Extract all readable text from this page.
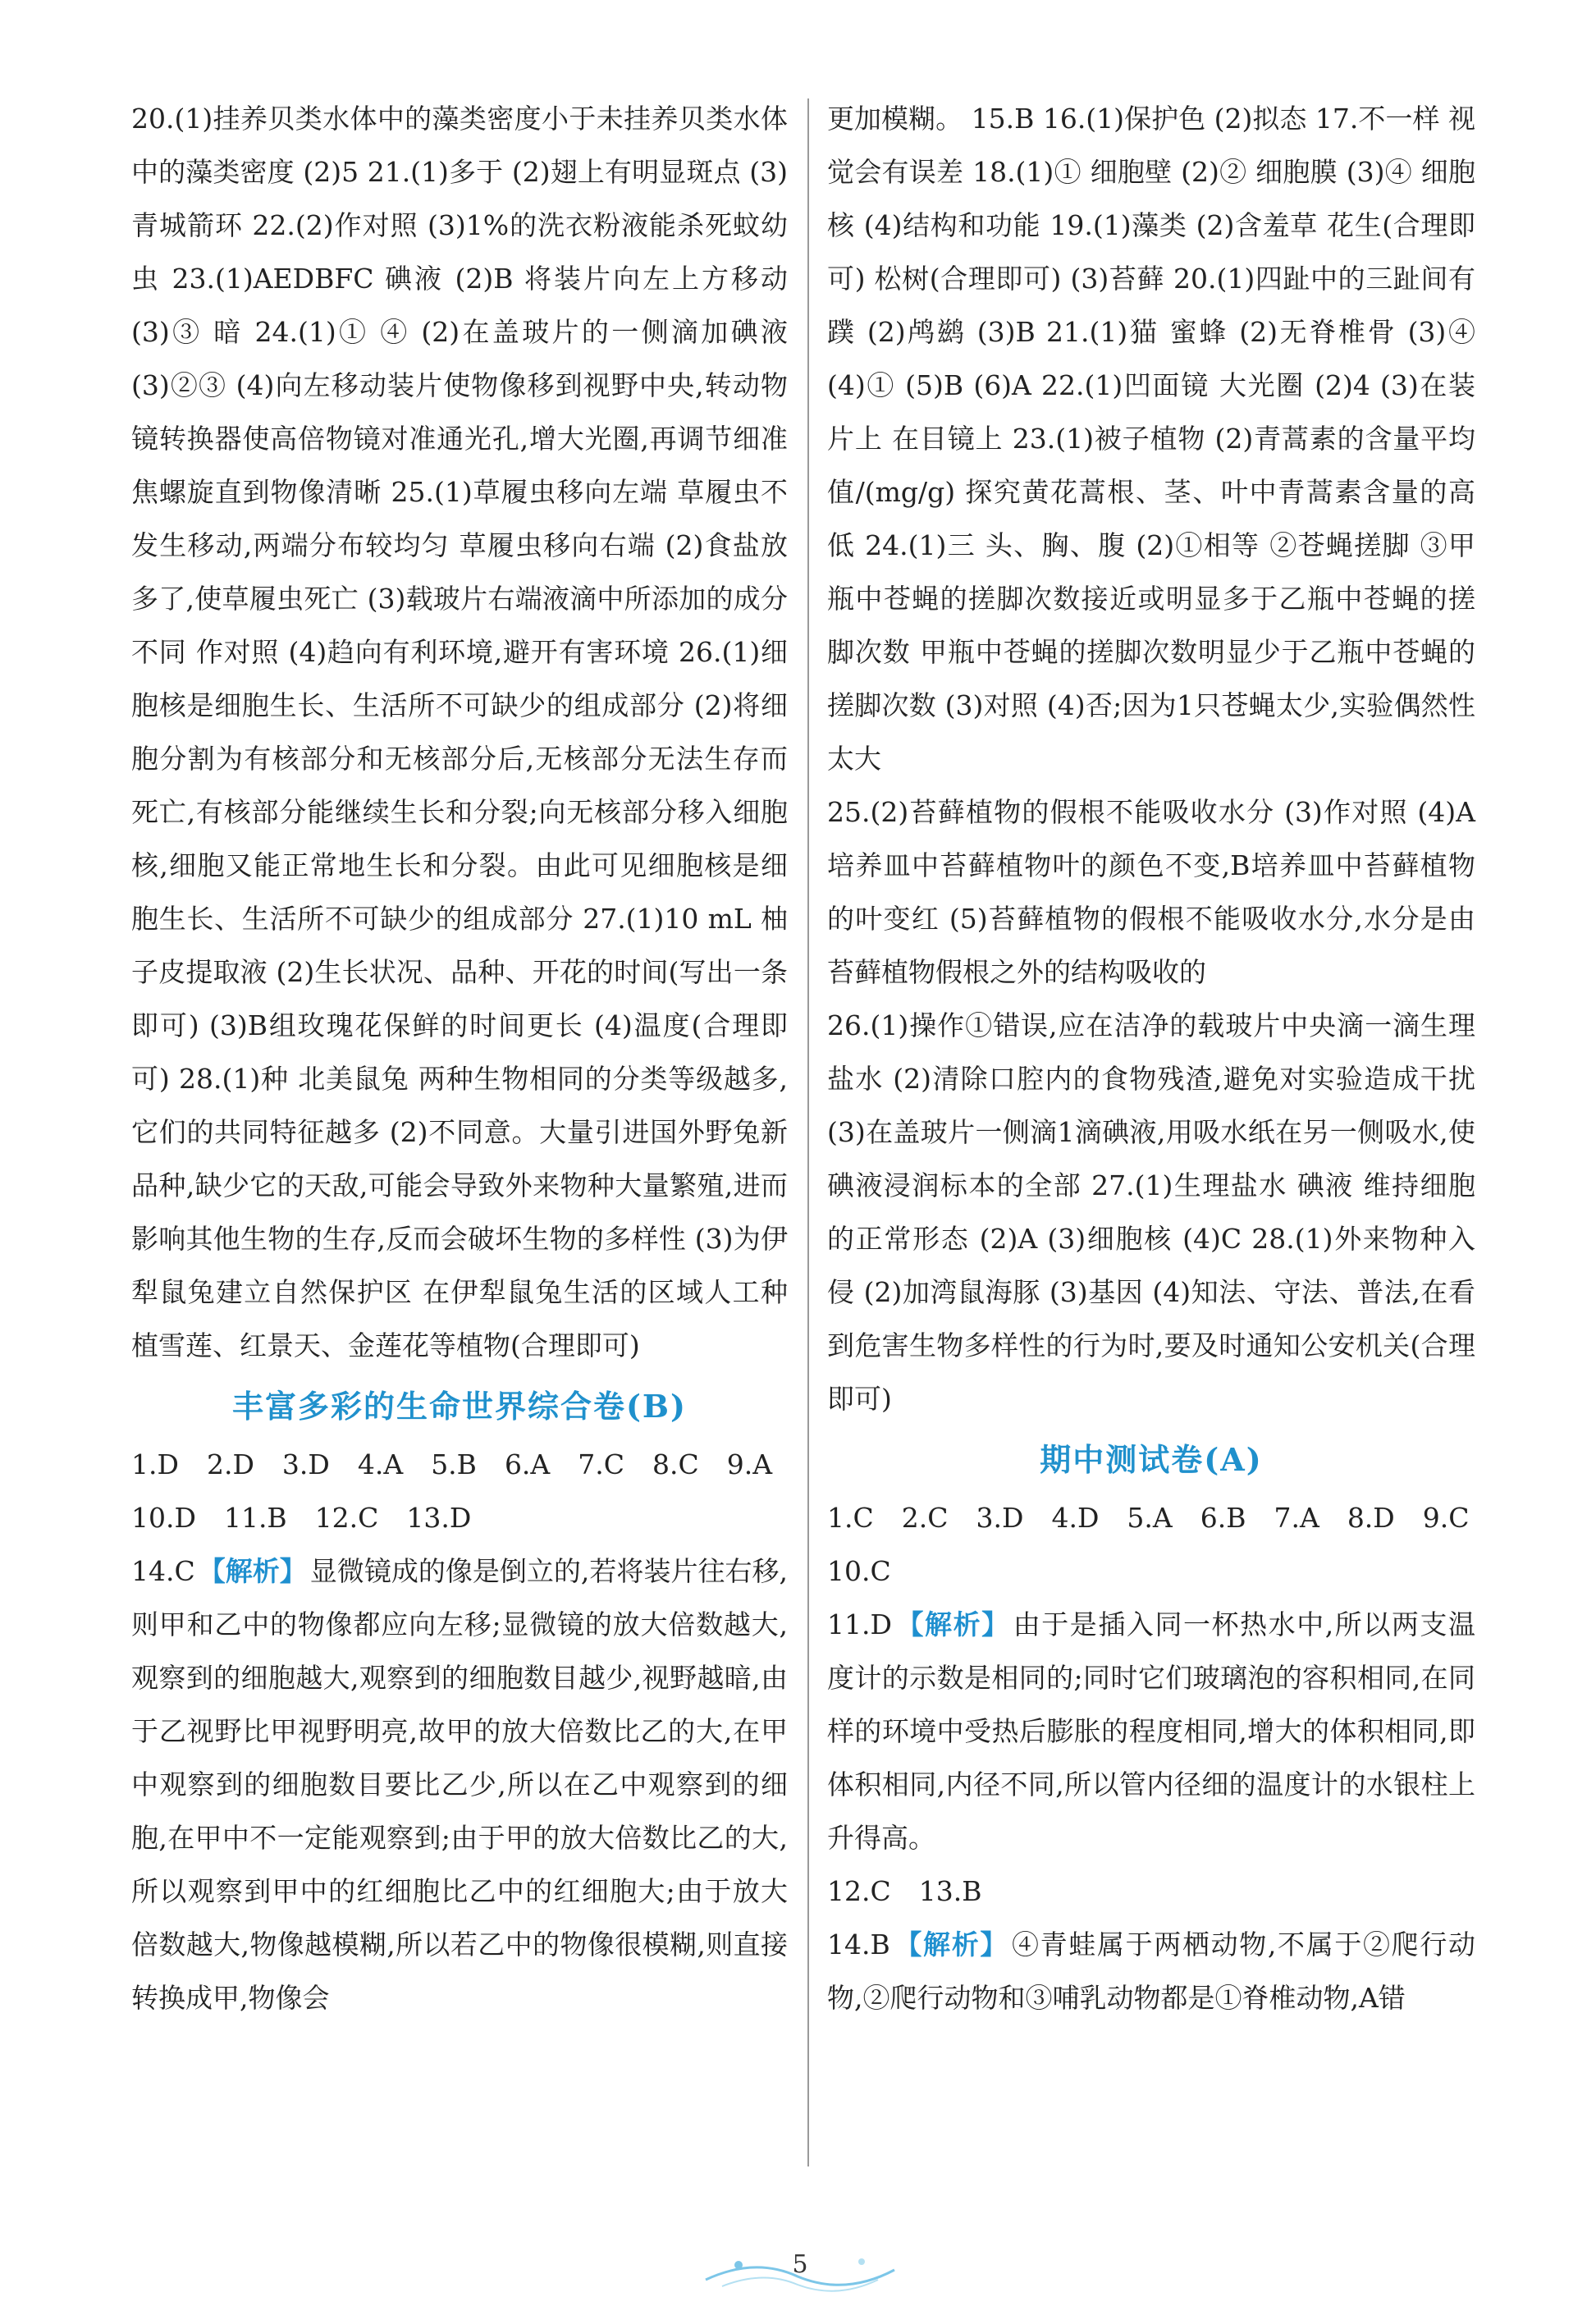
20.(1)挂养贝类水体中的藻类密度小于未挂养贝类水体中的藻类密度 (2)5 21.(1)多于 (2)翅上有明显斑点 (3)青城箭环 22.(2)作对照 (3)1%的洗衣粉液能杀死蚊幼虫 23.(1)AEDBFC 碘液 (2)B 将装片向左上方移动 (3)③ 暗 24.(1)① ④ (2)在盖玻片的一侧滴加碘液 (3)②③ (4)向左移动装片使物像移到视野中央,转动物镜转换器使高倍物镜对准通光孔,增大光圈,再调节细准焦螺旋直到物像清晰 25.(1)草履虫移向左端 草履虫不发生移动,两端分布较均匀 草履虫移向右端 (2)食盐放多了,使草履虫死亡 (3)载玻片右端液滴中所添加的成分不同 作对照 (4)趋向有利环境,避开有害环境 26.(1)细胞核是细胞生长、生活所不可缺少的组成部分 (2)将细胞分割为有核部分和无核部分后,无核部分无法生存而死亡,有核部分能继续生长和分裂;向无核部分移入细胞核,细胞又能正常地生长和分裂。由此可见细胞核是细胞生长、生活所不可缺少的组成部分 27.(1)10 mL 柚子皮提取液 (2)生长状况、品种、开花的时间(写出一条即可) (3)B组玫瑰花保鲜的时间更长 (4)温度(合理即可) 28.(1)种 北美鼠兔 两种生物相同的分类等级越多,它们的共同特征越多 (2)不同意。大量引进国外野兔新品种,缺少它的天敌,可能会导致外来物种大量繁殖,进而影响其他生物的生存,反而会破坏生物的多样性 (3)为伊犁鼠兔建立自然保护区 在伊犁鼠兔生活的区域人工种植雪莲、红景天、金莲花等植物(合理即可)

丰富多彩的生命世界综合卷(B)
1.D 2.D 3.D 4.A 5.B 6.A 7.C 8.C 9.A
10.D 11.B 12.C 13.D

14.C 【解析】 显微镜成的像是倒立的,若将装片往右移,则甲和乙中的物像都应向左移;显微镜的放大倍数越大,观察到的细胞越大,观察到的细胞数目越少,视野越暗,由于乙视野比甲视野明亮,故甲的放大倍数比乙的大,在甲中观察到的细胞数目要比乙少,所以在乙中观察到的细胞,在甲中不一定能观察到;由于甲的放大倍数比乙的大,所以观察到甲中的红细胞比乙中的红细胞大;由于放大倍数越大,物像越模糊,所以若乙中的物像很模糊,则直接转换成甲,物像会

更加模糊。 15.B 16.(1)保护色 (2)拟态 17.不一样 视觉会有误差 18.(1)① 细胞壁 (2)② 细胞膜 (3)④ 细胞核 (4)结构和功能 19.(1)藻类 (2)含羞草 花生(合理即可) 松树(合理即可) (3)苔藓 20.(1)四趾中的三趾间有蹼 (2)鸬鹚 (3)B 21.(1)猫 蜜蜂 (2)无脊椎骨 (3)④ (4)① (5)B (6)A 22.(1)凹面镜 大光圈 (2)4 (3)在装片上 在目镜上 23.(1)被子植物 (2)青蒿素的含量平均值/(mg/g) 探究黄花蒿根、茎、叶中青蒿素含量的高低 24.(1)三 头、胸、腹 (2)①相等 ②苍蝇搓脚 ③甲瓶中苍蝇的搓脚次数接近或明显多于乙瓶中苍蝇的搓脚次数 甲瓶中苍蝇的搓脚次数明显少于乙瓶中苍蝇的搓脚次数 (3)对照 (4)否;因为1只苍蝇太少,实验偶然性太大

25.(2)苔藓植物的假根不能吸收水分 (3)作对照 (4)A培养皿中苔藓植物叶的颜色不变,B培养皿中苔藓植物的叶变红 (5)苔藓植物的假根不能吸收水分,水分是由苔藓植物假根之外的结构吸收的

26.(1)操作①错误,应在洁净的载玻片中央滴一滴生理盐水 (2)清除口腔内的食物残渣,避免对实验造成干扰 (3)在盖玻片一侧滴1滴碘液,用吸水纸在另一侧吸水,使碘液浸润标本的全部 27.(1)生理盐水 碘液 维持细胞的正常形态 (2)A (3)细胞核 (4)C 28.(1)外来物种入侵 (2)加湾鼠海豚 (3)基因 (4)知法、守法、普法,在看到危害生物多样性的行为时,要及时通知公安机关(合理即可)

期中测试卷(A)
1.C 2.C 3.D 4.D 5.A 6.B 7.A 8.D 9.C
10.C

11.D 【解析】 由于是插入同一杯热水中,所以两支温度计的示数是相同的;同时它们玻璃泡的容积相同,在同样的环境中受热后膨胀的程度相同,增大的体积相同,即体积相同,内径不同,所以管内径细的温度计的水银柱上升得高。

12.C 13.B

14.B 【解析】 ④青蛙属于两栖动物,不属于②爬行动物,②爬行动物和③哺乳动物都是①脊椎动物,A错

5
